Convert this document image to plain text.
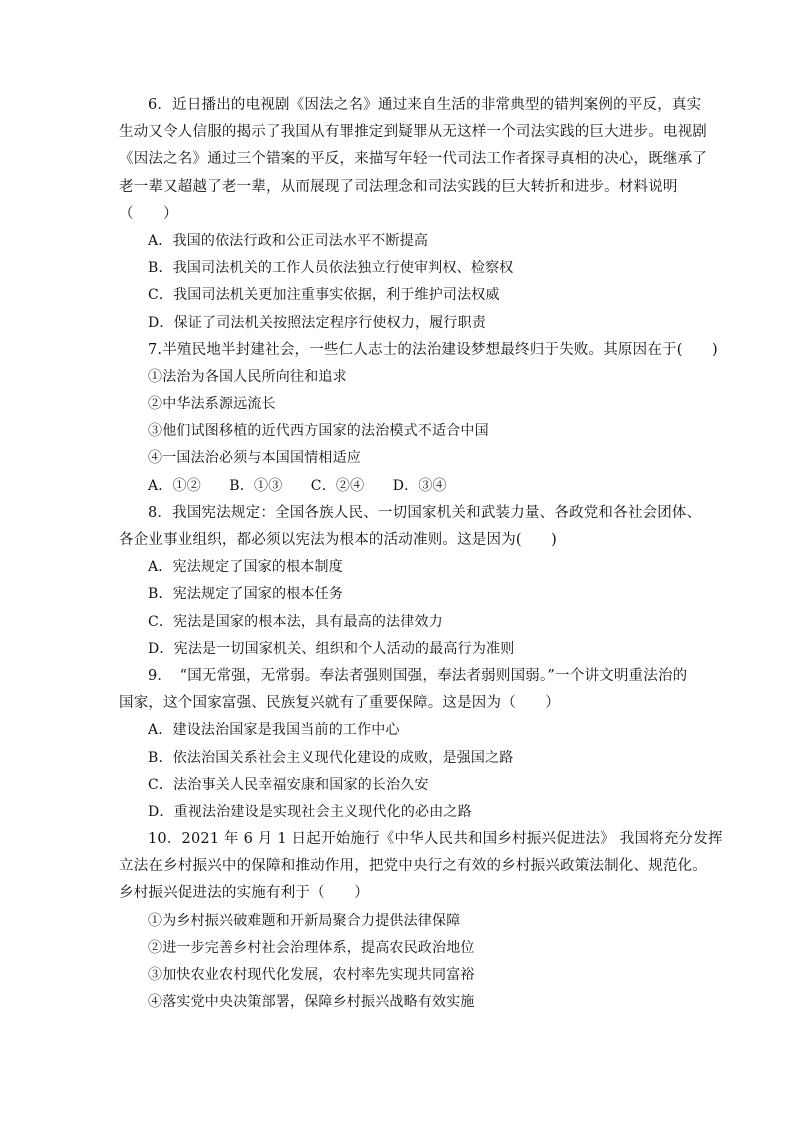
6．近日播出的电视剧《因法之名》通过来自生活的非常典型的错判案例的平反，真实
生动又令人信服的揭示了我国从有罪推定到疑罪从无这样一个司法实践的巨大进步。电视剧
《因法之名》通过三个错案的平反，来描写年轻一代司法工作者探寻真相的决心，既继承了
老一辈又超越了老一辈，从而展现了司法理念和司法实践的巨大转折和进步。材料说明
（　　）
A．我国的依法行政和公正司法水平不断提高
B．我国司法机关的工作人员依法独立行使审判权、检察权
C．我国司法机关更加注重事实依据，利于维护司法权威
D．保证了司法机关按照法定程序行使权力，履行职责
7.半殖民地半封建社会，一些仁人志士的法治建设梦想最终归于失败。其原因在于(　　)
①法治为各国人民所向往和追求
②中华法系源远流长
③他们试图移植的近代西方国家的法治模式不适合中国
④一国法治必须与本国国情相适应
A．①②　　B．①③　　C．②④　　D．③④
8．我国宪法规定：全国各族人民、一切国家机关和武装力量、各政党和各社会团体、
各企业事业组织，都必须以宪法为根本的活动准则。这是因为(　　)
A．宪法规定了国家的根本制度
B．宪法规定了国家的根本任务
C．宪法是国家的根本法，具有最高的法律效力
D．宪法是一切国家机关、组织和个人活动的最高行为准则
9．　“国无常强，无常弱。奉法者强则国强，奉法者弱则国弱。”一个讲文明重法治的
国家，这个国家富强、民族复兴就有了重要保障。这是因为（　　）
A．建设法治国家是我国当前的工作中心
B．依法治国关系社会主义现代化建设的成败，是强国之路
C．法治事关人民幸福安康和国家的长治久安
D．重视法治建设是实现社会主义现代化的必由之路
10．2021 年 6 月 1 日起开始施行《中华人民共和国乡村振兴促进法》 我国将充分发挥
立法在乡村振兴中的保障和推动作用，把党中央行之有效的乡村振兴政策法制化、规范化。
乡村振兴促进法的实施有利于（　　）
①为乡村振兴破难题和开新局聚合力提供法律保障
②进一步完善乡村社会治理体系，提高农民政治地位
③加快农业农村现代化发展，农村率先实现共同富裕
④落实党中央决策部署，保障乡村振兴战略有效实施
